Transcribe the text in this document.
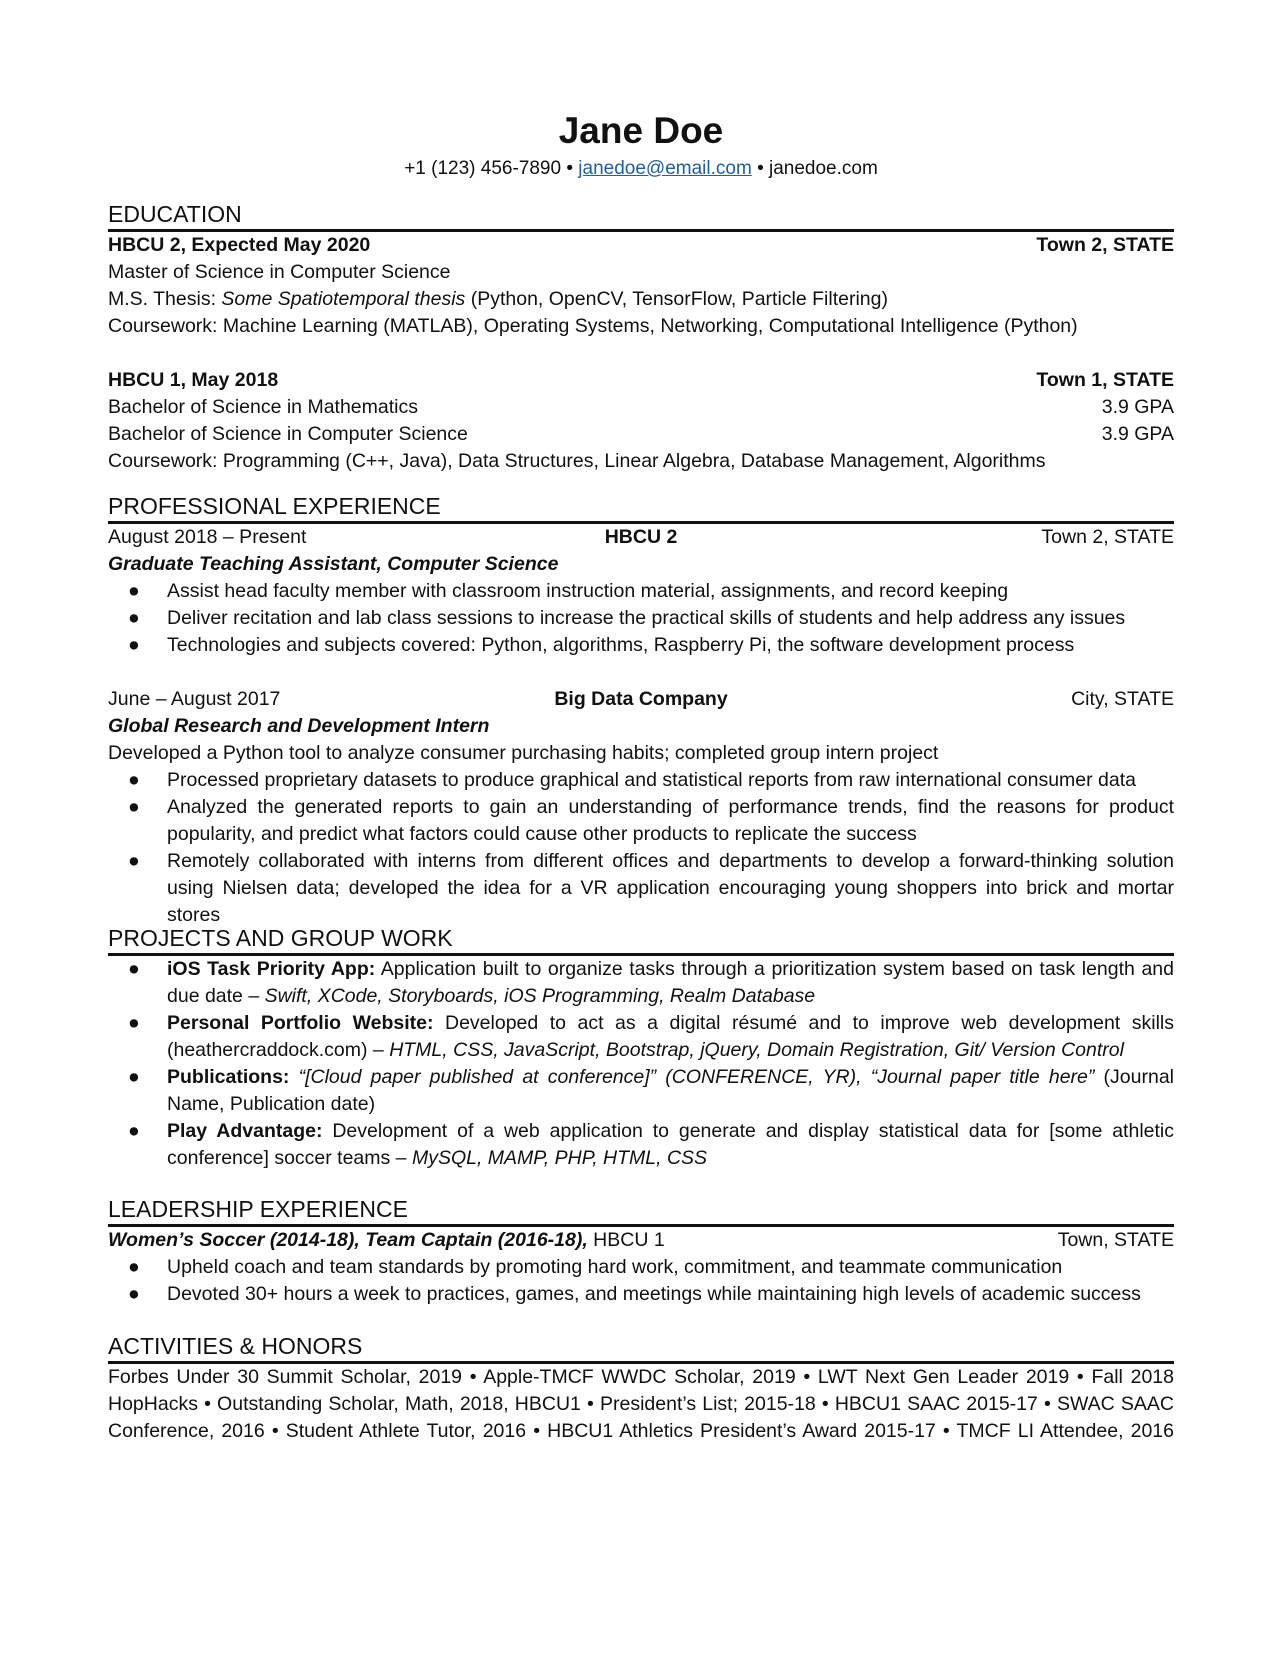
Jane Doe
+1 (123) 456-7890 • janedoe@email.com • janedoe.com
EDUCATION
HBCU 2, Expected May 2020	Town 2, STATE
Master of Science in Computer Science
M.S. Thesis: Some Spatiotemporal thesis (Python, OpenCV, TensorFlow, Particle Filtering)
Coursework: Machine Learning (MATLAB), Operating Systems, Networking, Computational Intelligence (Python)
HBCU 1, May 2018	Town 1, STATE
Bachelor of Science in Mathematics	3.9 GPA
Bachelor of Science in Computer Science	3.9 GPA
Coursework: Programming (C++, Java), Data Structures, Linear Algebra, Database Management, Algorithms
PROFESSIONAL EXPERIENCE
August 2018 – Present	HBCU 2	Town 2, STATE
Graduate Teaching Assistant, Computer Science
● Assist head faculty member with classroom instruction material, assignments, and record keeping
● Deliver recitation and lab class sessions to increase the practical skills of students and help address any issues
● Technologies and subjects covered: Python, algorithms, Raspberry Pi, the software development process
June – August 2017	Big Data Company	City, STATE
Global Research and Development Intern
Developed a Python tool to analyze consumer purchasing habits; completed group intern project
● Processed proprietary datasets to produce graphical and statistical reports from raw international consumer data
● Analyzed the generated reports to gain an understanding of performance trends, find the reasons for product popularity, and predict what factors could cause other products to replicate the success
● Remotely collaborated with interns from different offices and departments to develop a forward-thinking solution using Nielsen data; developed the idea for a VR application encouraging young shoppers into brick and mortar stores
PROJECTS AND GROUP WORK
● iOS Task Priority App: Application built to organize tasks through a prioritization system based on task length and due date – Swift, XCode, Storyboards, iOS Programming, Realm Database
● Personal Portfolio Website: Developed to act as a digital résumé and to improve web development skills (heathercraddock.com) – HTML, CSS, JavaScript, Bootstrap, jQuery, Domain Registration, Git/ Version Control
● Publications: “[Cloud paper published at conference]” (CONFERENCE, YR), “Journal paper title here” (Journal Name, Publication date)
● Play Advantage: Development of a web application to generate and display statistical data for [some athletic conference] soccer teams – MySQL, MAMP, PHP, HTML, CSS
LEADERSHIP EXPERIENCE
Women’s Soccer (2014-18), Team Captain (2016-18), HBCU 1	Town, STATE
● Upheld coach and team standards by promoting hard work, commitment, and teammate communication
● Devoted 30+ hours a week to practices, games, and meetings while maintaining high levels of academic success
ACTIVITIES & HONORS
Forbes Under 30 Summit Scholar, 2019 • Apple-TMCF WWDC Scholar, 2019 • LWT Next Gen Leader 2019 • Fall 2018
HopHacks • Outstanding Scholar, Math, 2018, HBCU1 • President’s List; 2015-18 • HBCU1 SAAC 2015-17 • SWAC SAAC
Conference, 2016 • Student Athlete Tutor, 2016 • HBCU1 Athletics President’s Award 2015-17 • TMCF LI Attendee, 2016
